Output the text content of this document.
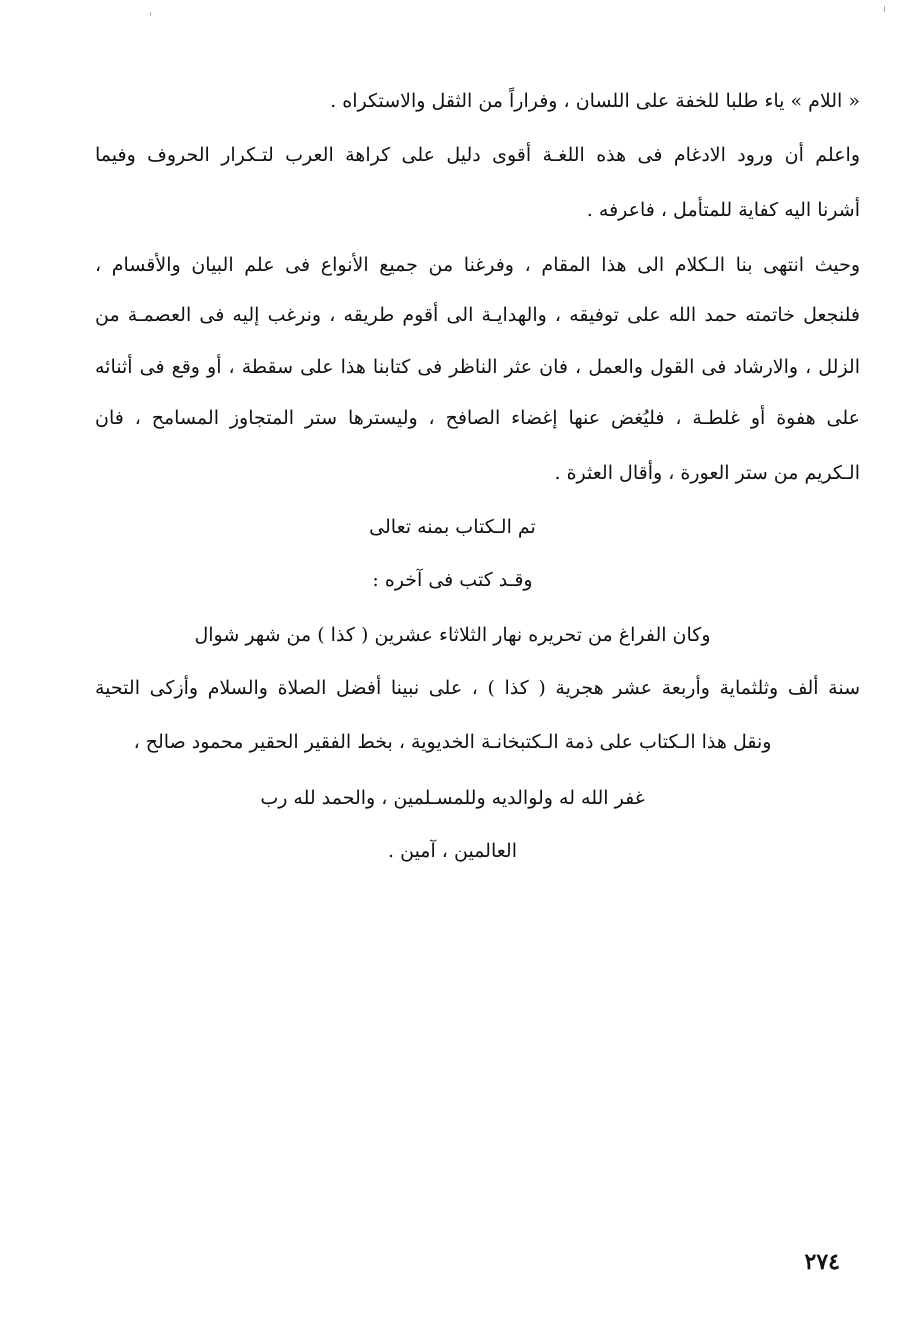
« اللام » ياء طلبا للخفة على اللسان ، وفراراً من الثقل والاستكراه .
واعلم أن ورود الادغام فى هذه اللغـة أقوى دليل على كراهة العرب لتـكرار الحروف وفيما
أشرنا اليه كفاية للمتأمل ، فاعرفه .
وحيث انتهى بنا الـكلام الى هذا المقام ، وفرغنا من جميع الأنواع فى علم البيان والأقسام ،
فلنجعل خاتمته حمد الله على توفيقه ، والهدايـة الى أقوم طريقه ، ونرغب إليه فى العصمـة من
الزلل ، والارشاد فى القول والعمل ، فان عثر الناظر فى كتابنا هذا على سقطة ، أو وقع فى أثنائه
على هفوة أو غلطـة ، فليُغض عنها إغضاء الصافح ، وليسترها ستر المتجاوز المسامح ، فان
الـكريم من ستر العورة ، وأقال العثرة .
تم الـكتاب بمنه تعالى
وقـد كتب فى آخره :
وكان الفراغ من تحريره نهار الثلاثاء عشرين ( كذا ) من شهر شوال
سنة ألف وثلثماية وأربعة عشر هجرية ( كذا ) ، على نبينا أفضل الصلاة والسلام وأزكى التحية
ونقل هذا الـكتاب على ذمة الـكتبخانـة الخديوية ، بخط الفقير الحقير محمود صالح ،
غفر الله له ولوالديه وللمسـلمين ، والحمد لله رب
العالمين ، آمين .
٢٧٤
